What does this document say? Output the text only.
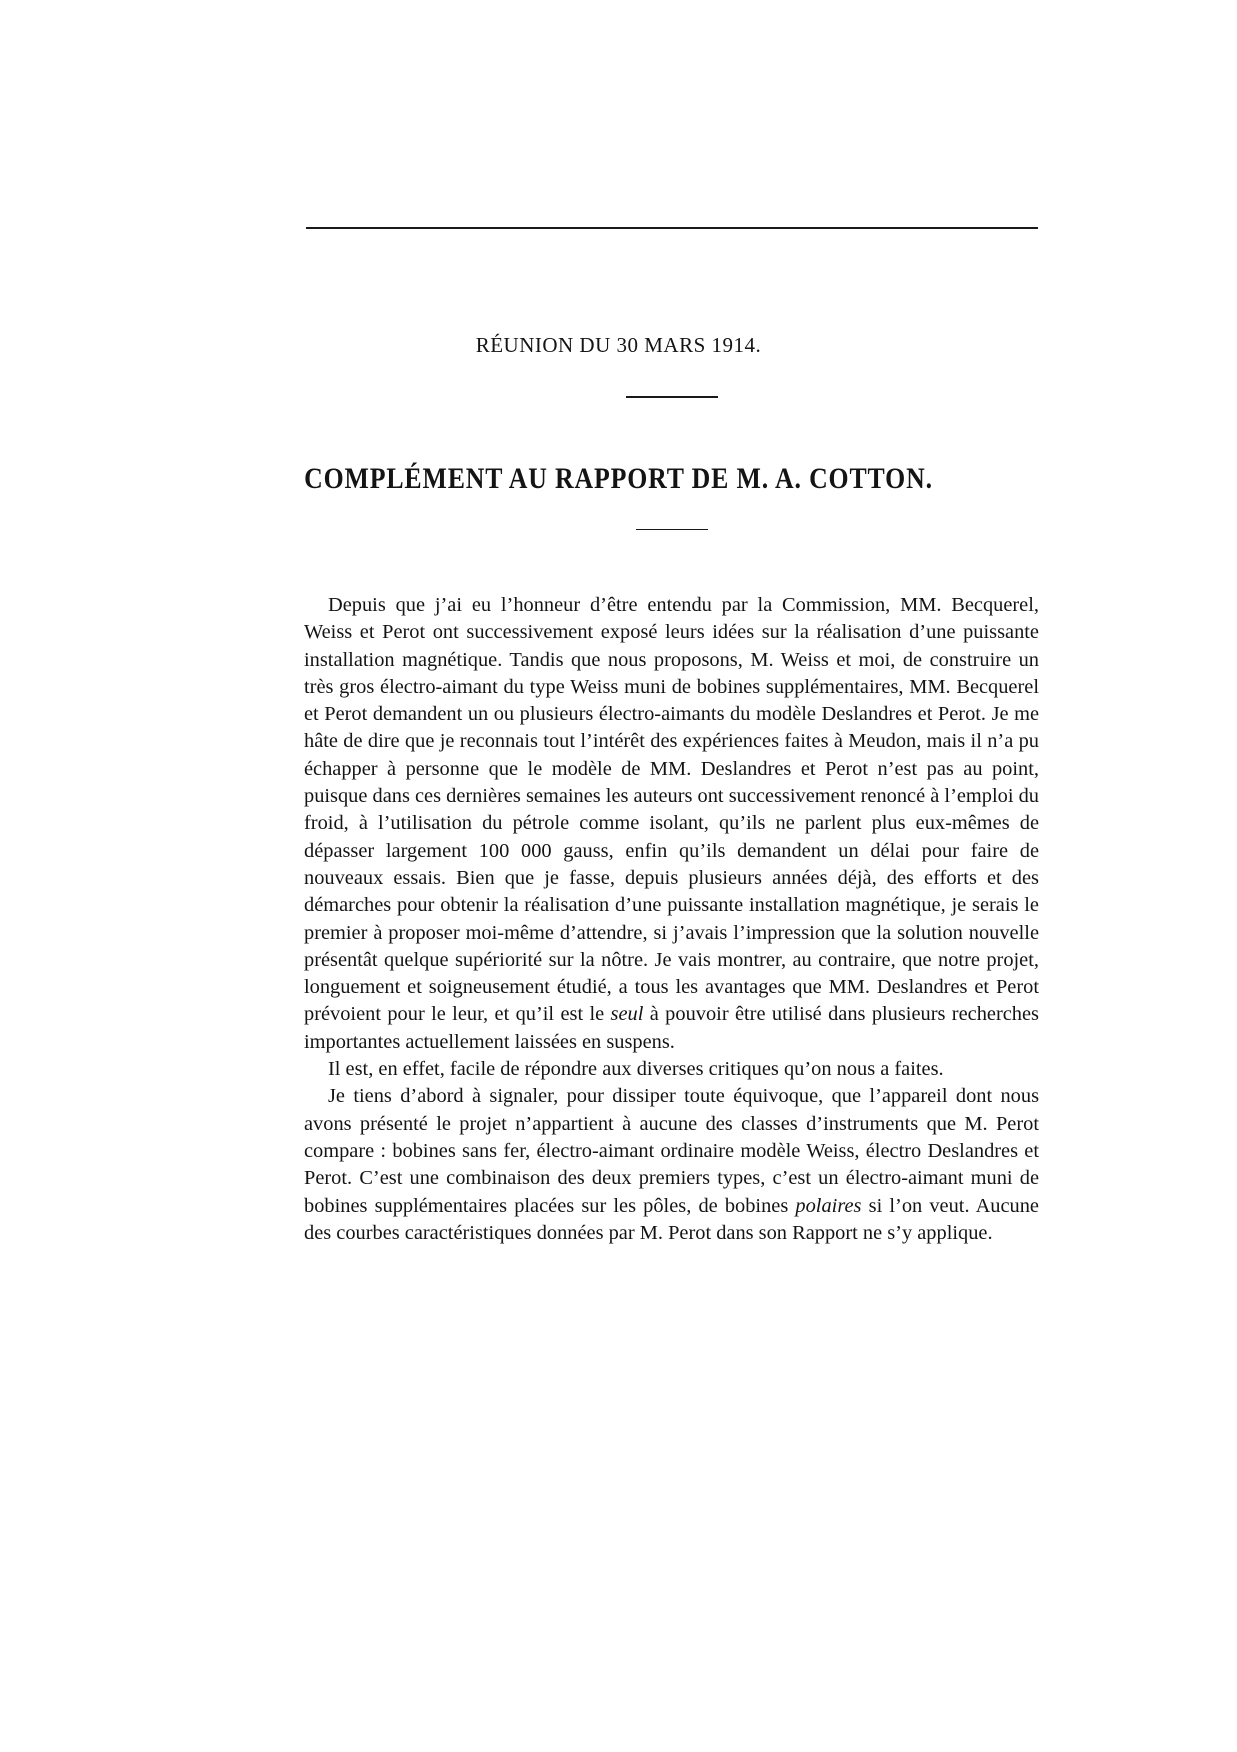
RÉUNION DU 30 MARS 1914.
COMPLÉMENT AU RAPPORT DE M. A. COTTON.

Depuis que j’ai eu l’honneur d’être entendu par la Commission, MM. Becquerel, Weiss et Perot ont successivement exposé leurs idées sur la réalisation d’une puissante installation magnétique. Tandis que nous proposons, M. Weiss et moi, de construire un très gros électro-aimant du type Weiss muni de bobines supplémentaires, MM. Becquerel et Perot demandent un ou plusieurs électro-aimants du modèle Deslandres et Perot. Je me hâte de dire que je reconnais tout l’intérêt des expériences faites à Meudon, mais il n’a pu échapper à personne que le modèle de MM. Deslandres et Perot n’est pas au point, puisque dans ces dernières semaines les auteurs ont successivement renoncé à l’emploi du froid, à l’utilisation du pétrole comme isolant, qu’ils ne parlent plus eux-mêmes de dépasser largement 100 000 gauss, enfin qu’ils demandent un délai pour faire de nouveaux essais. Bien que je fasse, depuis plusieurs années déjà, des efforts et des démarches pour obtenir la réalisation d’une puissante installation magnétique, je serais le premier à proposer moi-même d’attendre, si j’avais l’impression que la solution nouvelle présentât quelque supériorité sur la nôtre. Je vais montrer, au contraire, que notre projet, longuement et soigneusement étudié, a tous les avantages que MM. Deslandres et Perot prévoient pour le leur, et qu’il est le seul à pouvoir être utilisé dans plusieurs recherches importantes actuellement laissées en suspens.

Il est, en effet, facile de répondre aux diverses critiques qu’on nous a faites.

Je tiens d’abord à signaler, pour dissiper toute équivoque, que l’appareil dont nous avons présenté le projet n’appartient à aucune des classes d’instruments que M. Perot compare : bobines sans fer, électro-aimant ordinaire modèle Weiss, électro Deslandres et Perot. C’est une combinaison des deux premiers types, c’est un électro-aimant muni de bobines supplémentaires placées sur les pôles, de bobines polaires si l’on veut. Aucune des courbes caractéristiques données par M. Perot dans son Rapport ne s’y applique.
